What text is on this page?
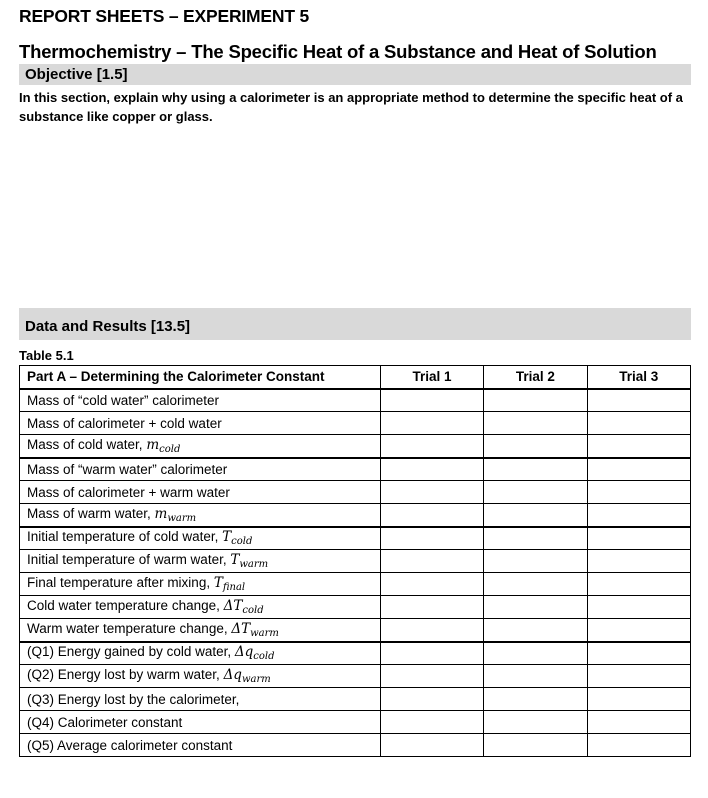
REPORT SHEETS – EXPERIMENT 5
Thermochemistry – The Specific Heat of a Substance and Heat of Solution
Objective [1.5]
In this section, explain why using a calorimeter is an appropriate method to determine the specific heat of a substance like copper or glass.
Data and Results [13.5]
Table 5.1
Part A – Determining the Calorimeter Constant	Trial 1	Trial 2	Trial 3
Mass of “cold water” calorimeter			
Mass of calorimeter + cold water			
Mass of cold water, $m_{cold}$			
Mass of “warm water” calorimeter			
Mass of calorimeter + warm water			
Mass of warm water, $m_{warm}$			
Initial temperature of cold water, $T_{cold}$			
Initial temperature of warm water, $T_{warm}$			
Final temperature after mixing, $T_{final}$			
Cold water temperature change, $\Delta T_{cold}$			
Warm water temperature change, $\Delta T_{warm}$			
(Q1) Energy gained by cold water, $\Delta q_{cold}$			
(Q2) Energy lost by warm water, $\Delta q_{warm}$			
(Q3) Energy lost by the calorimeter,			
(Q4) Calorimeter constant			
(Q5) Average calorimeter constant			
